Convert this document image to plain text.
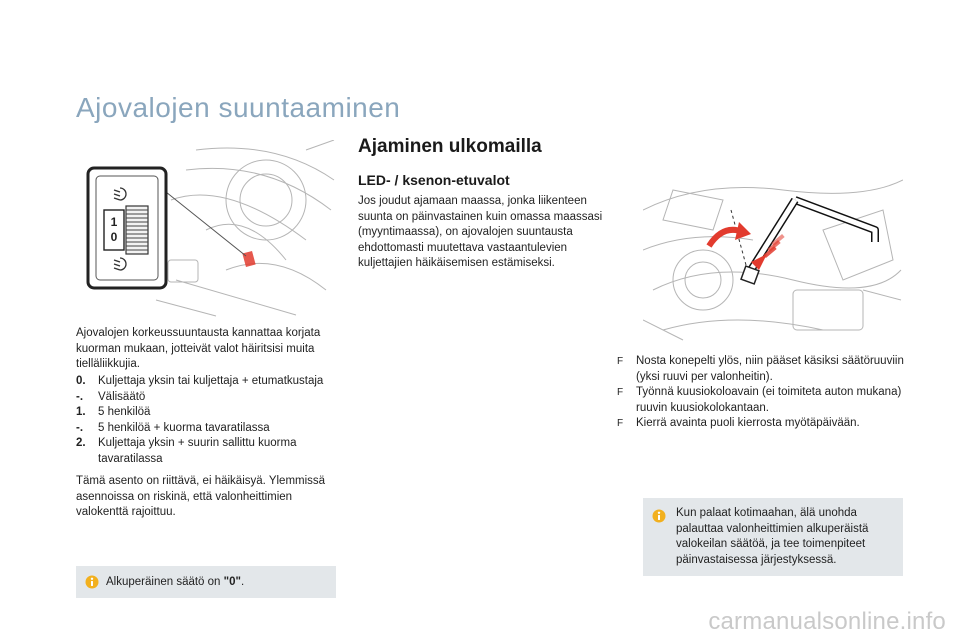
Ajovalojen suuntaaminen
1
0
Ajovalojen korkeussuuntausta kannattaa korjata kuorman mukaan, jotteivät valot häiritsisi muita tielläliikkujia.
0. Kuljettaja yksin tai kuljettaja + etumatkustaja
-. Välisäätö
1. 5 henkilöä
-. 5 henkilöä + kuorma tavaratilassa
2. Kuljettaja yksin + suurin sallittu kuorma tavaratilassa
Tämä asento on riittävä, ei häikäisyä. Ylemmissä asennoissa on riskinä, että valonheittimien valokenttä rajoittuu.
Alkuperäinen säätö on "0".
Ajaminen ulkomailla
LED- / ksenon-etuvalot
Jos joudut ajamaan maassa, jonka liikenteen suunta on päinvastainen kuin omassa maassasi (myyntimaassa), on ajovalojen suuntausta ehdottomasti muutettava vastaantulevien kuljettajien häikäisemisen estämiseksi.
F Nosta konepelti ylös, niin pääset käsiksi säätöruuviin (yksi ruuvi per valonheitin).
F Työnnä kuusiokoloavain (ei toimiteta auton mukana) ruuvin kuusiokolokantaan.
F Kierrä avainta puoli kierrosta myötäpäivään.
Kun palaat kotimaahan, älä unohda palauttaa valonheittimien alkuperäistä valokeilan säätöä, ja tee toimenpiteet päinvastaisessa järjestyksessä.
carmanualsonline.info
